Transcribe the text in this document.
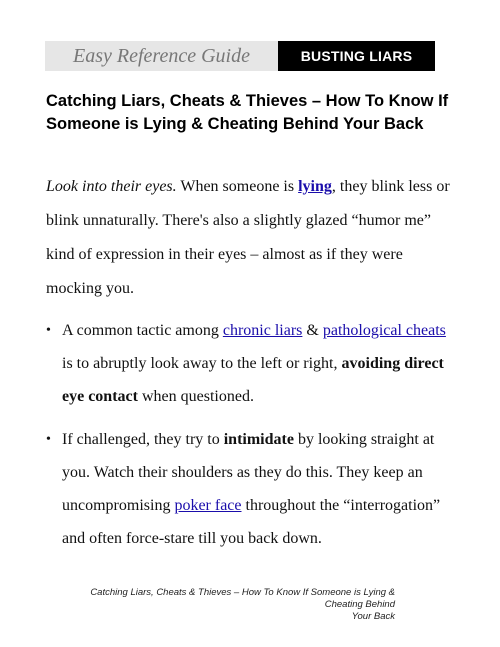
Easy Reference Guide	BUSTING LIARS
Catching Liars, Cheats & Thieves – How To Know If Someone is Lying & Cheating Behind Your Back

Look into their eyes. When someone is lying, they blink less or blink unnaturally. There's also a slightly glazed “humor me” kind of expression in their eyes – almost as if they were mocking you.

• A common tactic among chronic liars & pathological cheats is to abruptly look away to the left or right, avoiding direct eye contact when questioned.
• If challenged, they try to intimidate by looking straight at you. Watch their shoulders as they do this. They keep an uncompromising poker face throughout the “interrogation” and often force-stare till you back down.
Catching Liars, Cheats & Thieves – How To Know If Someone is Lying & Cheating Behind
Your Back
